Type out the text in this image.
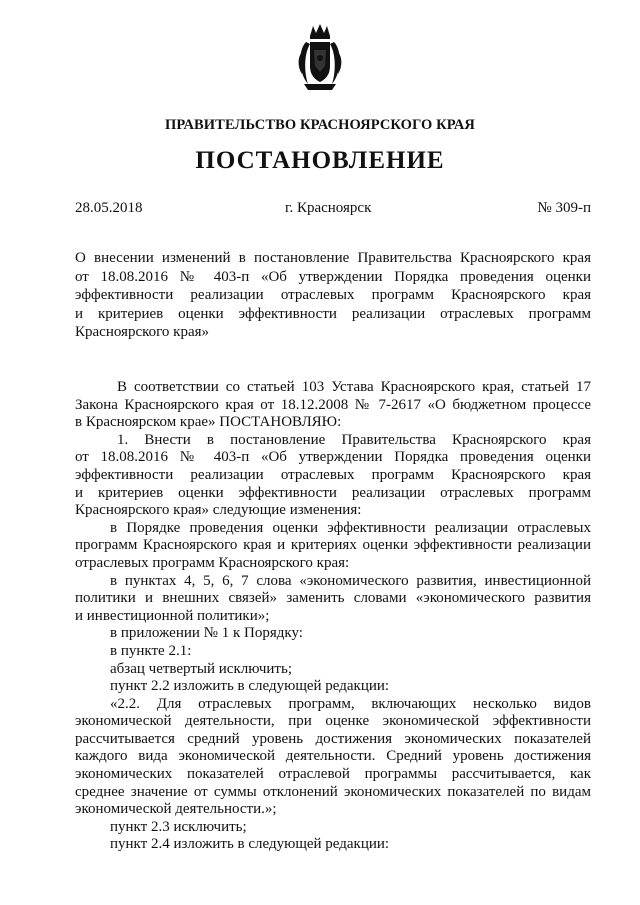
ПРАВИТЕЛЬСТВО КРАСНОЯРСКОГО КРАЯ
ПОСТАНОВЛЕНИЕ
28.05.2018	г. Красноярск	№ 309-п
О внесении изменений в постановление Правительства Красноярского края
от 18.08.2016 № 403-п «Об утверждении Порядка проведения оценки
эффективности реализации отраслевых программ Красноярского края
и критериев оценки эффективности реализации отраслевых программ
Красноярского края»
В соответствии со статьей 103 Устава Красноярского края, статьей 17
Закона Красноярского края от 18.12.2008 № 7-2617 «О бюджетном процессе
в Красноярском крае» ПОСТАНОВЛЯЮ:
1. Внести в постановление Правительства Красноярского края
от 18.08.2016 № 403-п «Об утверждении Порядка проведения оценки
эффективности реализации отраслевых программ Красноярского края
и критериев оценки эффективности реализации отраслевых программ
Красноярского края» следующие изменения:
в Порядке проведения оценки эффективности реализации отраслевых
программ Красноярского края и критериях оценки эффективности реализации
отраслевых программ Красноярского края:
в пунктах 4, 5, 6, 7 слова «экономического развития, инвестиционной
политики и внешних связей» заменить словами «экономического развития
и инвестиционной политики»;
в приложении № 1 к Порядку:
в пункте 2.1:
абзац четвертый исключить;
пункт 2.2 изложить в следующей редакции:
«2.2. Для отраслевых программ, включающих несколько видов
экономической деятельности, при оценке экономической эффективности
рассчитывается средний уровень достижения экономических показателей
каждого вида экономической деятельности. Средний уровень достижения
экономических показателей отраслевой программы рассчитывается, как
среднее значение от суммы отклонений экономических показателей по видам
экономической деятельности.»;
пункт 2.3 исключить;
пункт 2.4 изложить в следующей редакции:
